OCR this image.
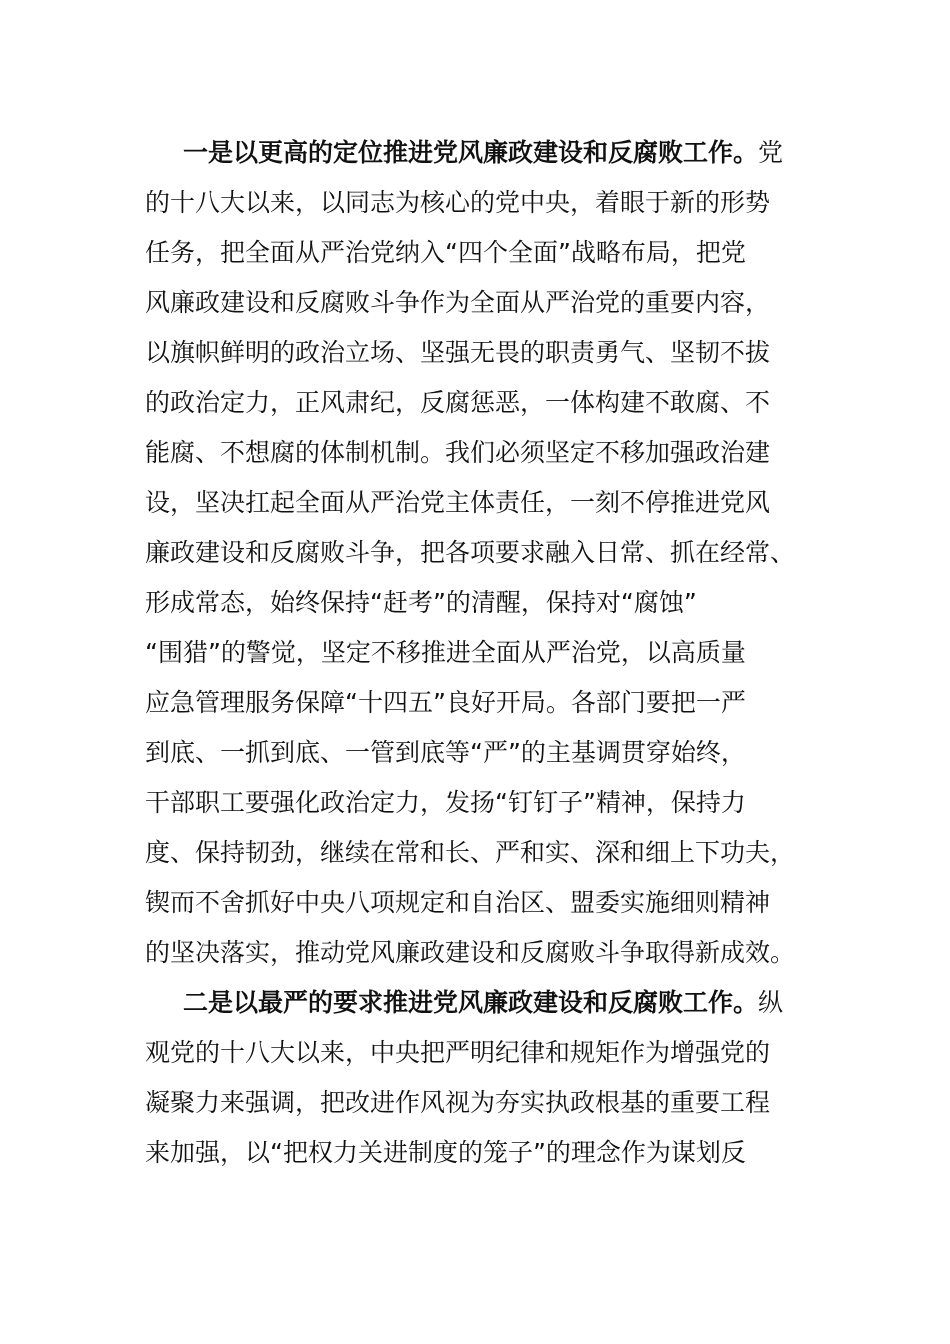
一是以更高的定位推进党风廉政建设和反腐败工作。党
的十八大以来，以同志为核心的党中央，着眼于新的形势
任务，把全面从严治党纳入“四个全面”战略布局，把党
风廉政建设和反腐败斗争作为全面从严治党的重要内容，
以旗帜鲜明的政治立场、坚强无畏的职责勇气、坚韧不拔
的政治定力，正风肃纪，反腐惩恶，一体构建不敢腐、不
能腐、不想腐的体制机制。我们必须坚定不移加强政治建
设，坚决扛起全面从严治党主体责任，一刻不停推进党风
廉政建设和反腐败斗争，把各项要求融入日常、抓在经常、
形成常态，始终保持“赶考”的清醒，保持对“腐蚀”
“围猎”的警觉，坚定不移推进全面从严治党，以高质量
应急管理服务保障“十四五”良好开局。各部门要把一严
到底、一抓到底、一管到底等“严”的主基调贯穿始终，
干部职工要强化政治定力，发扬“钉钉子”精神，保持力
度、保持韧劲，继续在常和长、严和实、深和细上下功夫，
锲而不舍抓好中央八项规定和自治区、盟委实施细则精神
的坚决落实，推动党风廉政建设和反腐败斗争取得新成效。
二是以最严的要求推进党风廉政建设和反腐败工作。纵
观党的十八大以来，中央把严明纪律和规矩作为增强党的
凝聚力来强调，把改进作风视为夯实执政根基的重要工程
来加强，以“把权力关进制度的笼子”的理念作为谋划反
